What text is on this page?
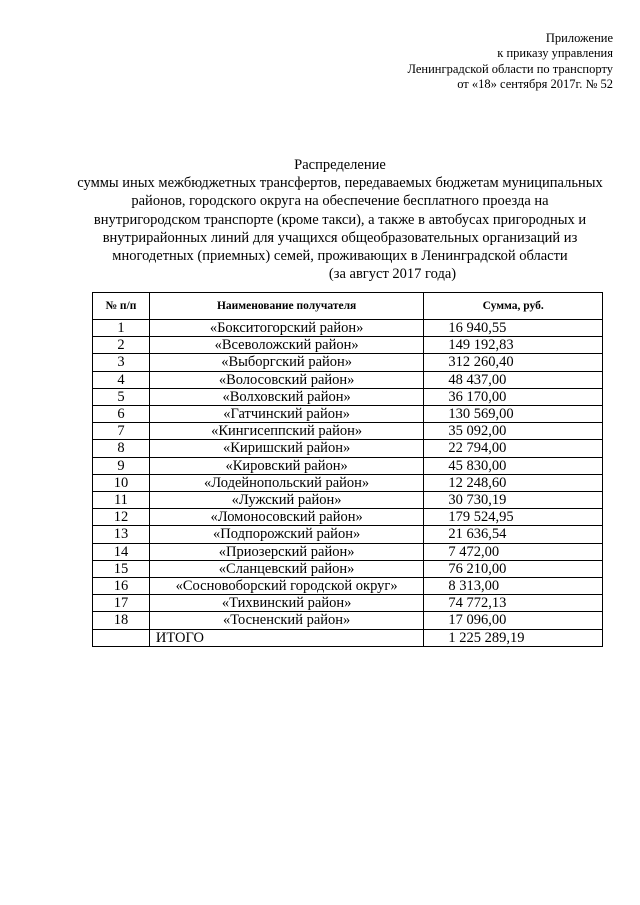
Приложение
к приказу управления
Ленинградской области по транспорту
от «18» сентября 2017г. № 52
Распределение
суммы иных межбюджетных трансфертов, передаваемых бюджетам муниципальных
районов, городского округа на обеспечение бесплатного проезда на
внутригородском транспорте (кроме такси), а также в автобусах пригородных и
внутрирайонных линий для учащихся общеобразовательных организаций из
многодетных (приемных) семей, проживающих в Ленинградской области
(за август 2017 года)
№ п/п	Наименование получателя	Сумма, руб.
1	«Бокситогорский район»	16 940,55
2	«Всеволожский район»	149 192,83
3	«Выборгский район»	312 260,40
4	«Волосовский район»	48 437,00
5	«Волховский район»	36 170,00
6	«Гатчинский район»	130 569,00
7	«Кингисеппский район»	35 092,00
8	«Киришский район»	22 794,00
9	«Кировский район»	45 830,00
10	«Лодейнопольский район»	12 248,60
11	«Лужский район»	30 730,19
12	«Ломоносовский район»	179 524,95
13	«Подпорожский район»	21 636,54
14	«Приозерский район»	7 472,00
15	«Сланцевский район»	76 210,00
16	«Сосновоборский городской округ»	8 313,00
17	«Тихвинский район»	74 772,13
18	«Тосненский район»	17 096,00
	ИТОГО	1 225 289,19
